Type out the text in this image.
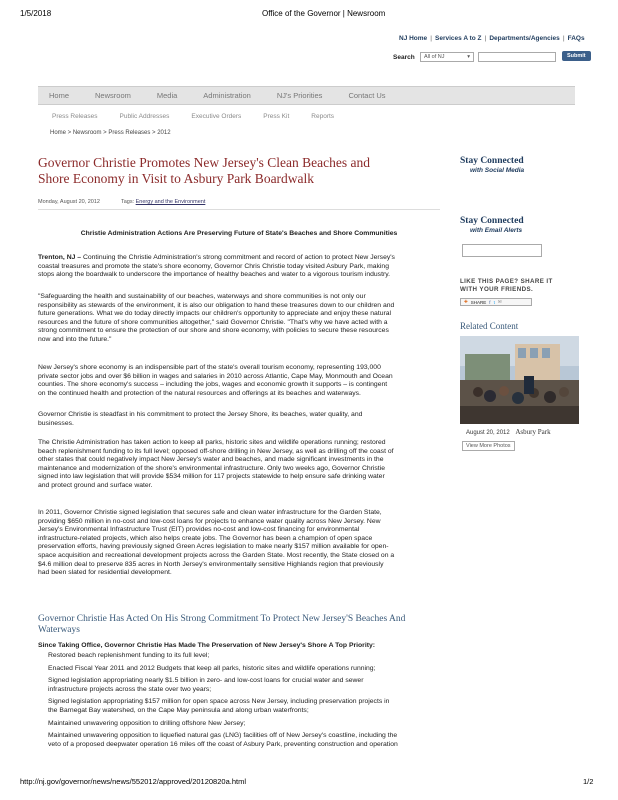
1/5/2018	Office of the Governor | Newsroom
NJ Home | Services A to Z | Departments/Agencies | FAQs
Search	All of NJ	▾	Submit
Home	Newsroom	Media	Administration	NJ's Priorities	Contact Us
Press Releases	Public Addresses	Executive Orders	Press Kit	Reports
Home > Newsroom > Press Releases > 2012
Governor Christie Promotes New Jersey's Clean Beaches and
Shore Economy in Visit to Asbury Park Boardwalk
Monday, August 20, 2012	Tags: Energy and the Environment
Christie Administration Actions Are Preserving Future of State's Beaches and Shore Communities
Trenton, NJ – Continuing the Christie Administration's strong commitment and record of action to protect New Jersey's
coastal treasures and promote the state's shore economy, Governor Chris Christie today visited Asbury Park, making
stops along the boardwalk to underscore the importance of healthy beaches and water to a vigorous tourism industry.
"Safeguarding the health and sustainability of our beaches, waterways and shore communities is not only our
responsibility as stewards of the environment, it is also our obligation to hand these treasures down to our children and
future generations. What we do today directly impacts our children's opportunity to appreciate and enjoy these natural
resources and the future of shore communities altogether," said Governor Christie. "That's why we have acted with a
strong commitment to ensure the protection of our shore and shore economy, with policies to secure these resources
now and into the future."
New Jersey's shore economy is an indispensible part of the state's overall tourism economy, representing 193,000
private sector jobs and over $6 billion in wages and salaries in 2010 across Atlantic, Cape May, Monmouth and Ocean
counties. The shore economy's success – including the jobs, wages and economic growth it supports – is contingent
on the continued health and protection of the natural resources and offerings at its beaches and waterways.
Governor Christie is steadfast in his commitment to protect the Jersey Shore, its beaches, water quality, and
businesses.
The Christie Administration has taken action to keep all parks, historic sites and wildlife operations running; restored
beach replenishment funding to its full level; opposed off-shore drilling in New Jersey, as well as drilling off the coast of
other states that could negatively impact New Jersey's water and beaches, and made significant investments in the
maintenance and modernization of the shore's environmental infrastructure. Only two weeks ago, Governor Christie
signed into law legislation that will provide $534 million for 117 projects statewide to help ensure safe drinking water
and protect ground and surface water.
In 2011, Governor Christie signed legislation that secures safe and clean water infrastructure for the Garden State,
providing $650 million in no-cost and low-cost loans for projects to enhance water quality across New Jersey. New
Jersey's Environmental Infrastructure Trust (EIT) provides no-cost and low-cost financing for environmental
infrastructure-related projects, which also helps create jobs. The Governor has been a champion of open space
preservation efforts, having previously signed Green Acres legislation to make nearly $157 million available for open-
space acquisition and recreational development projects across the Garden State. Most recently, the State closed on a
$4.6 million deal to preserve 835 acres in North Jersey's environmentally sensitive Highlands region that previously
had been slated for residential development.
Governor Christie Has Acted On His Strong Commitment To Protect New Jersey'S Beaches And
Waterways
Since Taking Office, Governor Christie Has Made The Preservation of New Jersey's Shore A Top Priority:
Restored beach replenishment funding to its full level;
Enacted Fiscal Year 2011 and 2012 Budgets that keep all parks, historic sites and wildlife operations running;
Signed legislation appropriating nearly $1.5 billion in zero- and low-cost loans for crucial water and sewer
infrastructure projects across the state over two years;
Signed legislation appropriating $157 million for open space across New Jersey, including preservation projects in
the Barnegat Bay watershed, on the Cape May peninsula and along urban waterfronts;
Maintained unwavering opposition to drilling offshore New Jersey;
Maintained unwavering opposition to liquefied natural gas (LNG) facilities off of New Jersey's coastline, including the
veto of a proposed deepwater operation 16 miles off the coast of Asbury Park, preventing construction and operation
Stay Connected
with Social Media
Stay Connected
with Email Alerts
LIKE THIS PAGE? SHARE IT
WITH YOUR FRIENDS.
✚ SHARE f t ✉
Related Content
August 20, 2012 Asbury Park
View More Photos
http://nj.gov/governor/news/news/552012/approved/20120820a.html	1/2
